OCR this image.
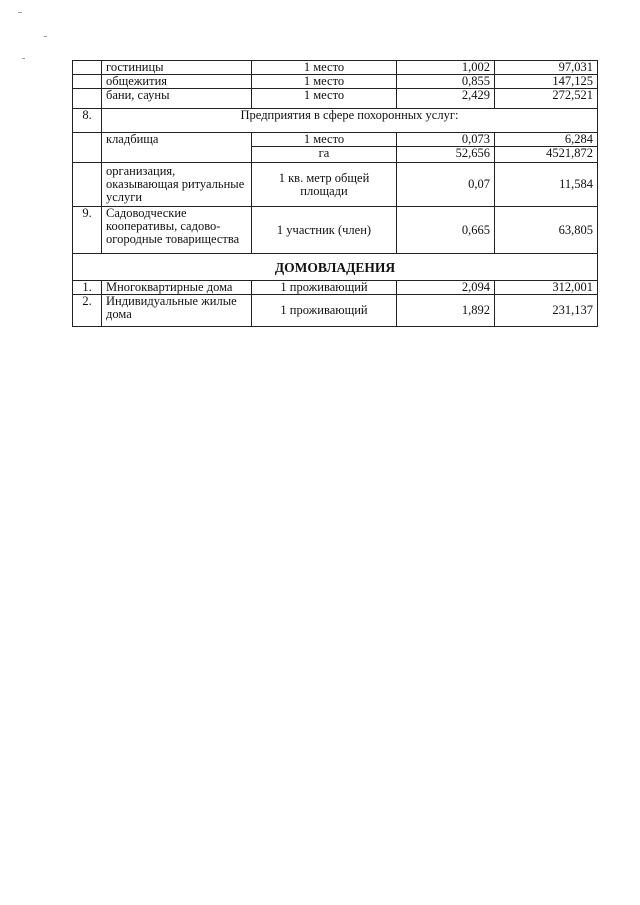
	гостиницы	1 место	1,002	97,031
	общежития	1 место	0,855	147,125
	бани, сауны	1 место	2,429	272,521
8.	Предприятия в сфере похоронных услуг:			
	кладбища	1 место	0,073	6,284
		га	52,656	4521,872
	организация, оказывающая ритуальные услуги	1 кв. метр общей площади	0,07	11,584
9.	Садоводческие кооперативы, садово-огородные товарищества	1 участник (член)	0,665	63,805
ДОМОВЛАДЕНИЯ				
1.	Многоквартирные дома	1 проживающий	2,094	312,001
2.	Индивидуальные жилые дома	1 проживающий	1,892	231,137
